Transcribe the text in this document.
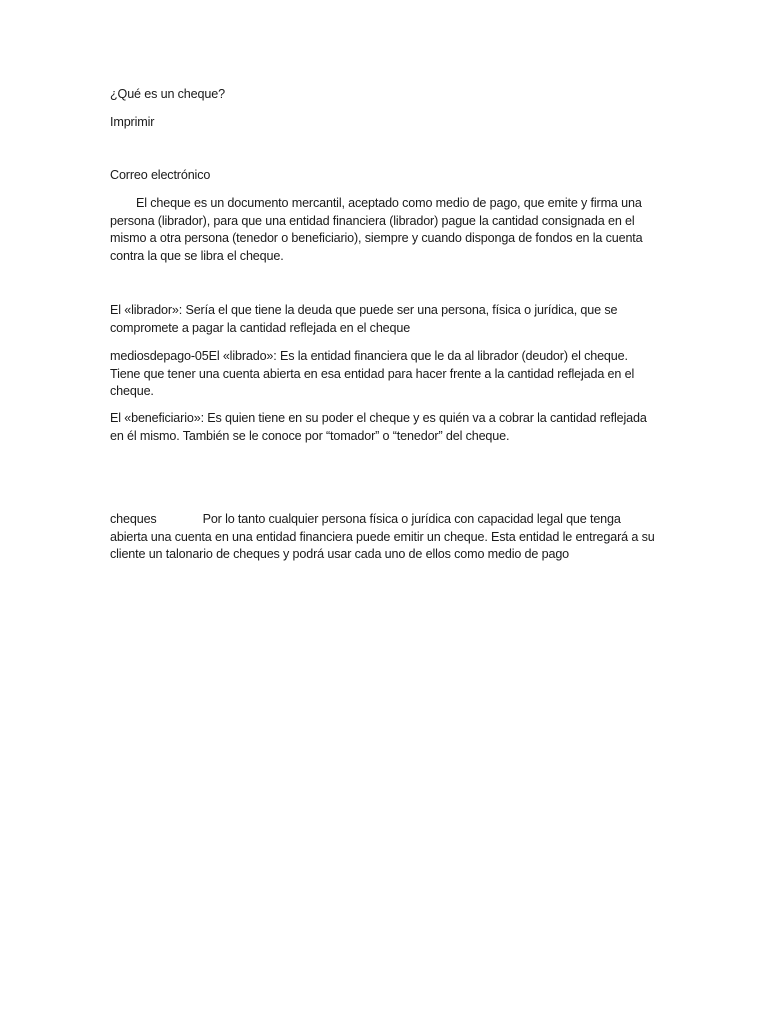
¿Qué es un cheque?
Imprimir
Correo electrónico
El cheque es un documento mercantil, aceptado como medio de pago, que emite y firma una persona (librador), para que una entidad financiera (librador) pague la cantidad consignada en el mismo a otra persona (tenedor o beneficiario), siempre y cuando disponga de fondos en la cuenta contra la que se libra el cheque.
El «librador»: Sería el que tiene la deuda que puede ser una persona, física o jurídica, que se compromete a pagar la cantidad reflejada en el cheque
mediosdepago-05El «librado»: Es la entidad financiera que le da al librador (deudor) el cheque. Tiene que tener una cuenta abierta en esa entidad para hacer frente a la cantidad reflejada en el cheque.
El «beneficiario»: Es quien tiene en su poder el cheque y es quién va a cobrar la cantidad reflejada en él mismo. También se le conoce por “tomador” o “tenedor” del cheque.
cheques	Por lo tanto cualquier persona física o jurídica con capacidad legal que tenga abierta una cuenta en una entidad financiera puede emitir un cheque. Esta entidad le entregará a su cliente un talonario de cheques y podrá usar cada uno de ellos como medio de pago
